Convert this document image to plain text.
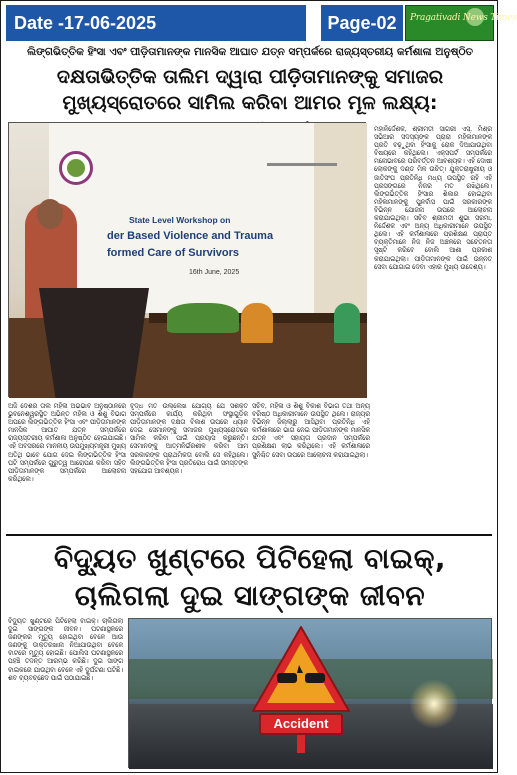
Date -17-06-2025	Page-02	Pragativadi News Times
ଲିଙ୍ଗଭିତ୍ତିକ ହିଂସା ଏବଂ ପୀଡ଼ିତାମାନଙ୍କ ମାନସିକ ଆଘାତ ଯତ୍ନ ସମ୍ପର୍କରେ ରାଜ୍ୟସ୍ତରୀୟ କର୍ମଶାଳା ଅନୁଷ୍ଠିତ
ଦକ୍ଷତାଭିତ୍ତିକ ତାଲିମ ଦ୍ୱାରା ପୀଡ଼ିତାମାନଙ୍କୁ ସମାଜର ମୁଖ୍ୟସ୍ରୋତରେ ସାମିଲ କରିବା ଆମର ମୂଳ ଲକ୍ଷ୍ୟ:
State Level Workshop on
der Based Violence and Trauma
formed Care of Survivors
16th June, 2025
ମହାନିର୍ଦ୍ଦେଶକ, ଶ୍ରୀମତୀ ସାଗରୀ ଏସ୍. ମିଶ୍ର ସଭିଆର ସଦସ୍ୟଙ୍କ ପ୍ରାରା ମହିଳାମାନଙ୍କ ପ୍ରତି ବଢ଼ୁଥିବା ହିଂସାକୁ ରୋକ ଦିଆଯାଉଥିବା ବିଷୟରେ କହିଥିଲେ। ଏକ୍ସପର୍ଟ ସମ୍ପର୍କରେ ମନୋଭାବରେ ପରିବର୍ତ୍ତନ ଆବଶ୍ୟକ। ଏହି ଦୋଷୀ ଲୋକଙ୍କୁ ଦଣ୍ଡ ମିଳ ଉଚିତ୍। ଯୁକ୍ତରାଷ୍ଟ୍ରୀୟ ଓ ଜାତିସଂଘ ପ୍ରତିନିଧି ମଧ୍ୟ ଉପସ୍ଥିତ ରହି ଏହି ପ୍ରସଙ୍ଗରେ ନିଜର ମତ ରଖିଥିଲେ। ଲିଙ୍ଗଭିତ୍ତିକ ହିଂସାର ଶିକାର ହୋଇଥିବା ମହିଳାମାନଙ୍କୁ ପୁନର୍ବାସ ପାଇଁ ସରକାରଙ୍କ ବିଭିନ୍ନ ଯୋଜନା ଉପରେ ଆଲୋଚନା କରାଯାଇଥିଲା। ସଚିବ ଶ୍ରୀମତୀ ଶୁଭା ସରମା, ନିର୍ଦ୍ଦେଶକ ଏବଂ ଅନ୍ୟ ଅଧିକାରୀମାନେ ଉପସ୍ଥିତ ଥିଲେ। ଏହି କର୍ମଶାଳାରେ ପ୍ରଶିକ୍ଷଣ ପ୍ରାପ୍ତ ବ୍ୟକ୍ତିମାନେ ନିଜ ନିଜ ଅଞ୍ଚଳରେ ସଚେତନତା ସୃଷ୍ଟି କରିବେ ବୋଲି ଆଶା ପ୍ରକାଶ କରାଯାଇଥିଲା। ପୀଡ଼ିତାମାନଙ୍କ ପାଇଁ ଉନ୍ନତ ସେବା ଯୋଗାଇ ଦେବା ଏହାର ମୁଖ୍ୟ ଉଦ୍ଦେଶ୍ୟ।
ଅଜି ଦେଶର ତାଲ ମହିଳା ଅଭଭାବ ଅନୁଷ୍ଠାନରେ ଭୁବନେଶ୍ୱରସ୍ଥିତ ଅଭିନ୍ତ ମହିଳା ଓ ଶିଶୁ ବିଭାଗ ଅପରେ ଲିଙ୍ଗଭିତ୍ତିକ ହିଂସା ଏବଂ ପୀଡ଼ିତାମାନଙ୍କ ମାନସିକ ଆଘାତ ଯତ୍ନ ସମ୍ପର୍କରେ ରାଜ୍ୟସ୍ତରୀୟ କର୍ମଶାଳା ଅନୁଷ୍ଠିତ ହୋଇଯାଇଛି। ଏହି ଅବସରରେ ମାନନୀୟ ଉପମୁଖ୍ୟମନ୍ତ୍ରୀ ମୁଖ୍ୟ ଅତିଥି ଭାବେ ଯୋଗ ଦେଇ ଲିଙ୍ଗଭିତ୍ତିକ ହିଂସା ଘଟି ସମ୍ପର୍କରେ ଗୁରୁତ୍ୱ ଆରୋପଣ କରିବା ସହିତ ପୀଡ଼ିତାମାନଙ୍କ ସମ୍ପର୍କରେ ଆଲୋଚନା କରିଥିଲେ।
ବୃଦ୍ଧ ମତ ଉଲ୍ଲେଖ ଯୋଗ୍ୟ ଯେ ସଶକ୍ତ ସମ୍ପର୍କରେ କାର୍ଯ୍ୟ କରିଥିବା ସଂସ୍ଥାଗୁଡ଼ିକ ପୀଡ଼ିତାମାନଙ୍କ ଦକ୍ଷତା ବିକାଶ ଉପରେ ଧ୍ୟାନ ଦେଇ ସେମାନଙ୍କୁ ସମାଜର ମୁଖ୍ୟସ୍ରୋତରେ ସାମିଲ କରିବା ପାଇଁ ପ୍ରୟାସ କରୁଛନ୍ତି। ସେମାନଙ୍କୁ ଆତ୍ମନିର୍ଭରଶୀଳ କରିବା ଆମ ସରକାରଙ୍କ ପ୍ରାଥମିକତା ବୋଲି ସେ କହିଥିଲେ। ଲିଙ୍ଗଭିତ୍ତିକ ହିଂସା ପ୍ରତିରୋଧ ପାଇଁ ସମସ୍ତଙ୍କ ସହଯୋଗ ଆବଶ୍ୟକ।
ସଚିବ, ମହିଳା ଓ ଶିଶୁ ବିକାଶ ବିଭାଗ ତଥା ଅନ୍ୟ ବରିଷ୍ଠ ଅଧିକାରୀମାନେ ଉପସ୍ଥିତ ଥିଲେ। ରାଜ୍ୟର ବିଭିନ୍ନ ଜିଲ୍ଲାରୁ ଆସିଥିବା ପ୍ରତିନିଧି ଏହି କର୍ମଶାଳାରେ ଭାଗ ନେଇ ପୀଡ଼ିତାମାନଙ୍କ ମାନସିକ ଯତ୍ନ ଏବଂ ସହାୟତା ପ୍ରଦାନ ସମ୍ପର୍କରେ ପ୍ରଶିକ୍ଷଣ ଲାଭ କରିଥିଲେ। ଏହି କର୍ମଶାଳାରେ ସୁନିଶ୍ଚିତ ସେବା ଉପରେ ଆଲୋଚନା କରାଯାଇଥିଲା।
ବିଦ୍ୟୁତ ଖୁଣ୍ଟରେ ପିଟିହେଲା ବାଇକ୍, ଚାଲିଗଲା ଦୁଇ ସାଙ୍ଗଙ୍କ ଜୀବନ
ବିଦ୍ୟୁତ ଖୁଣ୍ଟରେ ପିଟିହେଲା ବାଇକ୍। ଚାଲିଗଲା ଦୁଇ ସାଙ୍ଗଙ୍କ ଜୀବନ। ଘଟଣାସ୍ଥଳରେ ଜଣଙ୍କର ମୃତ୍ୟୁ ହୋଇଥିବା ବେଳେ ଆଉ ଜଣଙ୍କୁ ଡାକ୍ତରଖାନା ନିଆଯାଉଥିବା ବେଳେ ବାଟରେ ମୃତ୍ୟୁ ହୋଇଛି। ପୋଲିସ ଘଟଣାସ୍ଥଳରେ ପହଞ୍ଚି ତଦନ୍ତ ଆରମ୍ଭ କରିଛି। ଦୁଇ ସାଙ୍ଗ ବାଇକରେ ଯାଉଥିବା ବେଳେ ଏହି ଦୁର୍ଘଟଣା ଘଟିଛି। ଶବ ବ୍ୟବଚ୍ଛେଦ ପାଇଁ ପଠାଯାଇଛି।
Accident
